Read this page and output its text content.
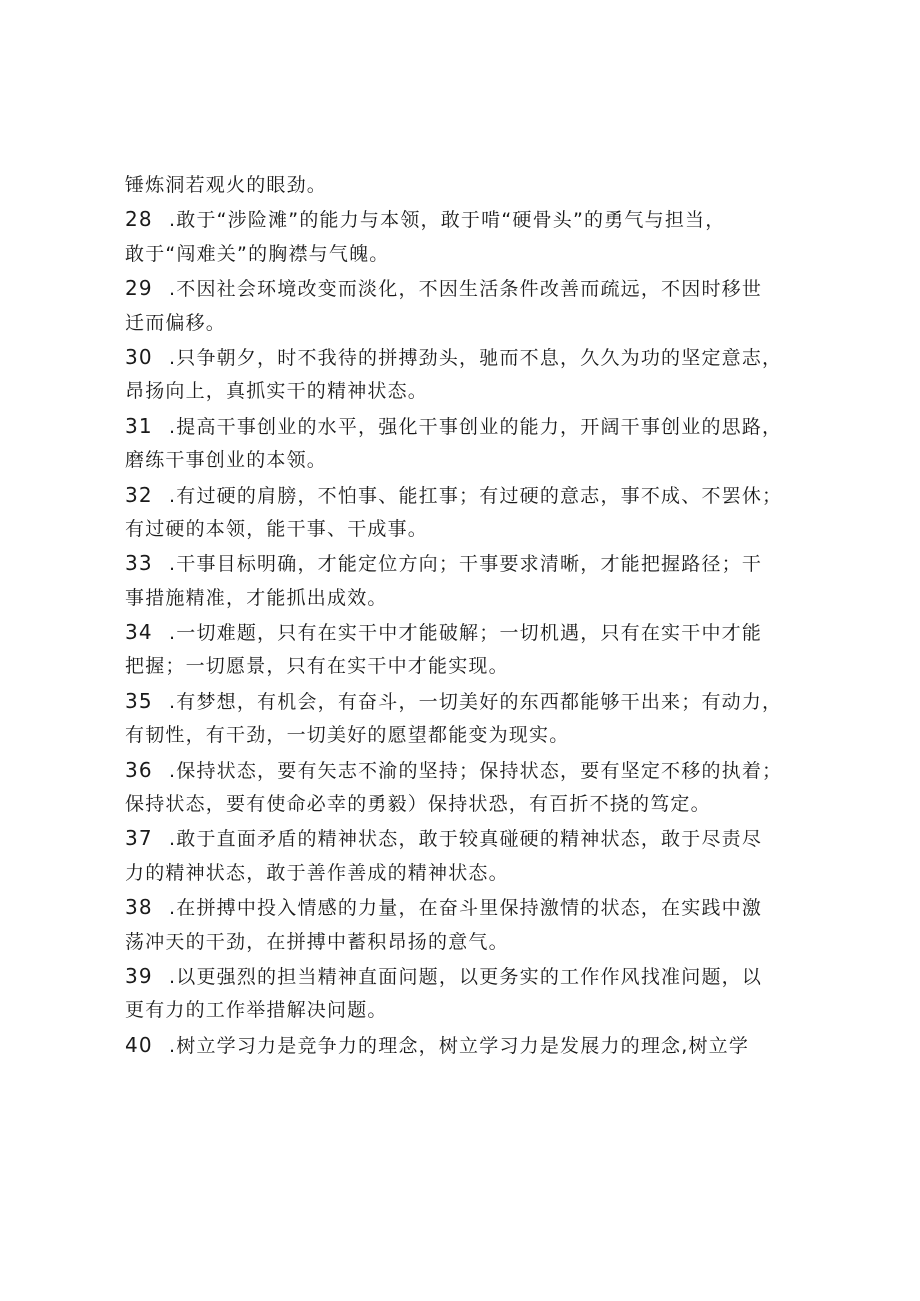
锤炼洞若观火的眼劲。
28 .敢于“涉险滩”的能力与本领，敢于啃“硬骨头”的勇气与担当，
敢于“闯难关”的胸襟与气魄。
29 .不因社会环境改变而淡化，不因生活条件改善而疏远，不因时移世
迁而偏移。
30 .只争朝夕，时不我待的拼搏劲头，驰而不息，久久为功的坚定意志，
昂扬向上，真抓实干的精神状态。
31 .提高干事创业的水平，强化干事创业的能力，开阔干事创业的思路，
磨练干事创业的本领。
32 .有过硬的肩膀，不怕事、能扛事；有过硬的意志，事不成、不罢休；
有过硬的本领，能干事、干成事。
33 .干事目标明确，才能定位方向；干事要求清晰，才能把握路径；干
事措施精准，才能抓出成效。
34 .一切难题，只有在实干中才能破解；一切机遇，只有在实干中才能
把握；一切愿景，只有在实干中才能实现。
35 .有梦想，有机会，有奋斗，一切美好的东西都能够干出来；有动力，
有韧性，有干劲，一切美好的愿望都能变为现实。
36 .保持状态，要有矢志不渝的坚持；保持状态，要有坚定不移的执着；
保持状态，要有使命必幸的勇毅）保持状恐，有百折不挠的笃定。
37 .敢于直面矛盾的精神状态，敢于较真碰硬的精神状态，敢于尽责尽
力的精神状态，敢于善作善成的精神状态。
38 .在拼搏中投入情感的力量，在奋斗里保持激情的状态，在实践中激
荡冲天的干劲，在拼搏中蓄积昂扬的意气。
39 .以更强烈的担当精神直面问题，以更务实的工作作风找准问题，以
更有力的工作举措解决问题。
40 .树立学习力是竞争力的理念，树立学习力是发展力的理念,树立学
